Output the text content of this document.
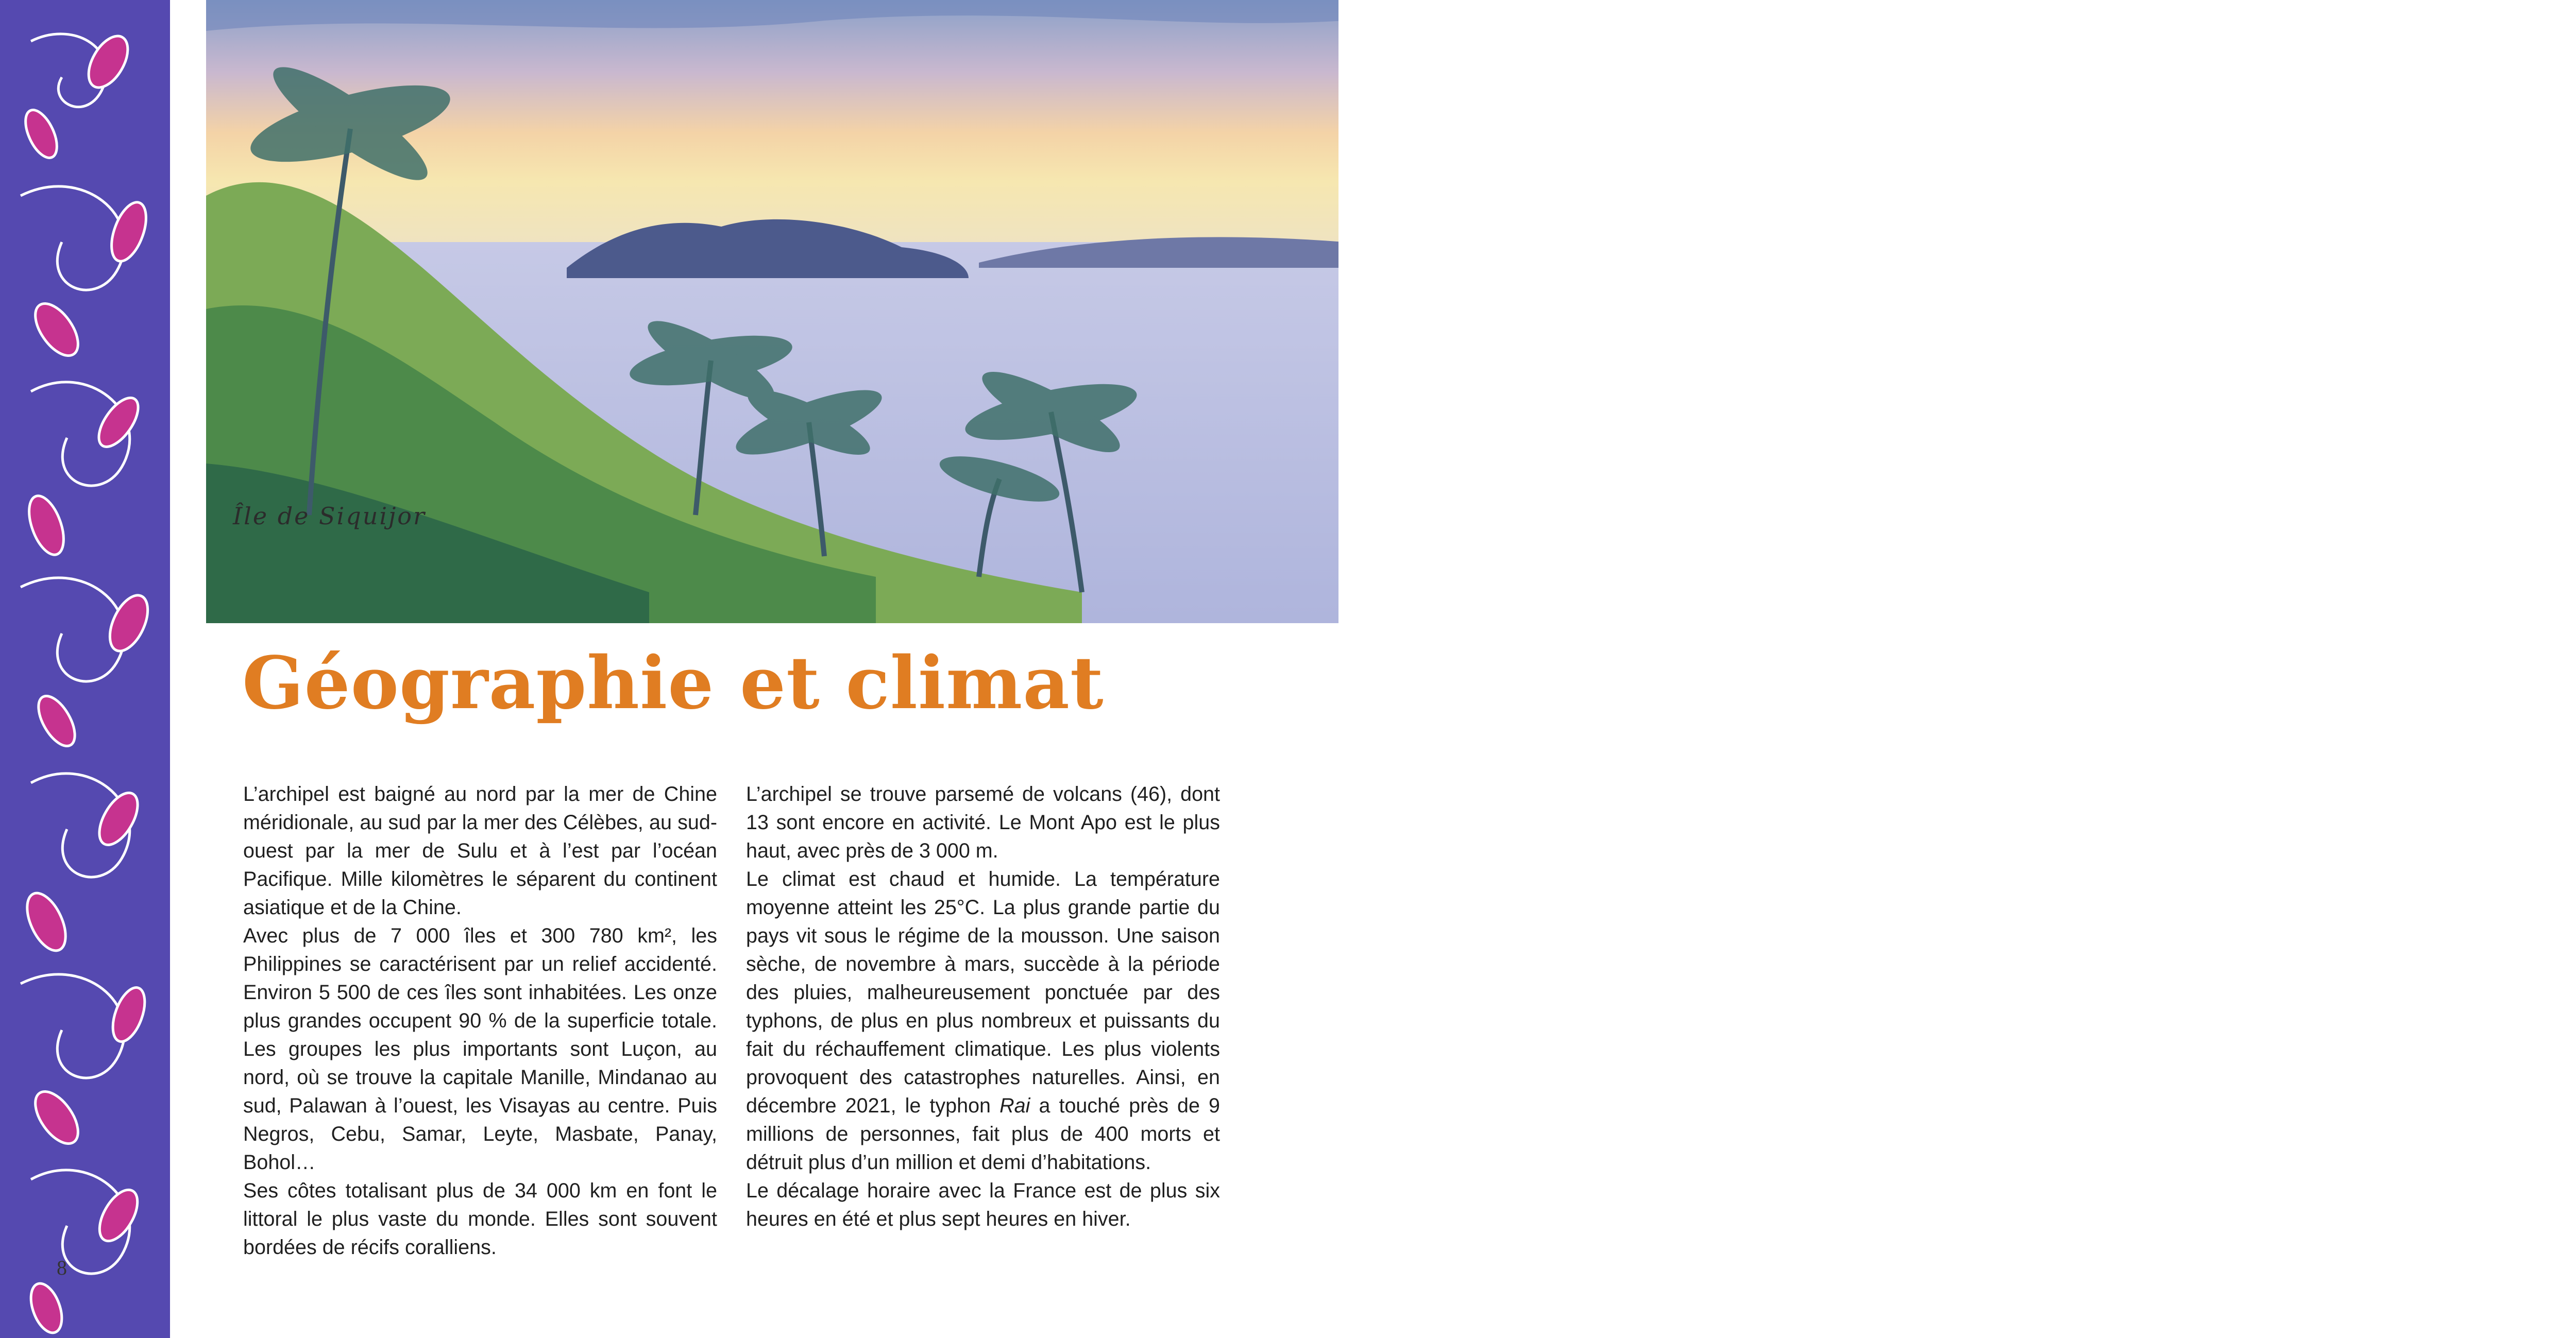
Île de Siquijor
Géographie et climat

L’archipel est baigné au nord par la mer de Chine méridionale, au sud par la mer des Célèbes, au sud-ouest par la mer de Sulu et à l’est par l’océan Pacifique. Mille kilomètres le séparent du continent asiatique et de la Chine.

Avec plus de 7 000 îles et 300 780 km², les Philippines se caractérisent par un relief accidenté. Environ 5 500 de ces îles sont inhabitées. Les onze plus grandes occupent 90 % de la superficie totale. Les groupes les plus importants sont Luçon, au nord, où se trouve la capitale Manille, Mindanao au sud, Palawan à l’ouest, les Visayas au centre. Puis Negros, Cebu, Samar, Leyte, Masbate, Panay, Bohol…

Ses côtes totalisant plus de 34 000 km en font le littoral le plus vaste du monde. Elles sont souvent bordées de récifs coralliens.

L’archipel se trouve parsemé de volcans (46), dont 13 sont encore en activité. Le Mont Apo est le plus haut, avec près de 3 000 m.

Le climat est chaud et humide. La température moyenne atteint les 25°C. La plus grande partie du pays vit sous le régime de la mousson. Une saison sèche, de novembre à mars, succède à la période des pluies, malheureusement ponctuée par des typhons, de plus en plus nombreux et puissants du fait du réchauffement climatique. Les plus violents provoquent des catastrophes naturelles. Ainsi, en décembre 2021, le typhon Rai a touché près de 9 millions de personnes, fait plus de 400 morts et détruit plus d’un million et demi d’habitations.

Le décalage horaire avec la France est de plus six heures en été et plus sept heures en hiver.

8
